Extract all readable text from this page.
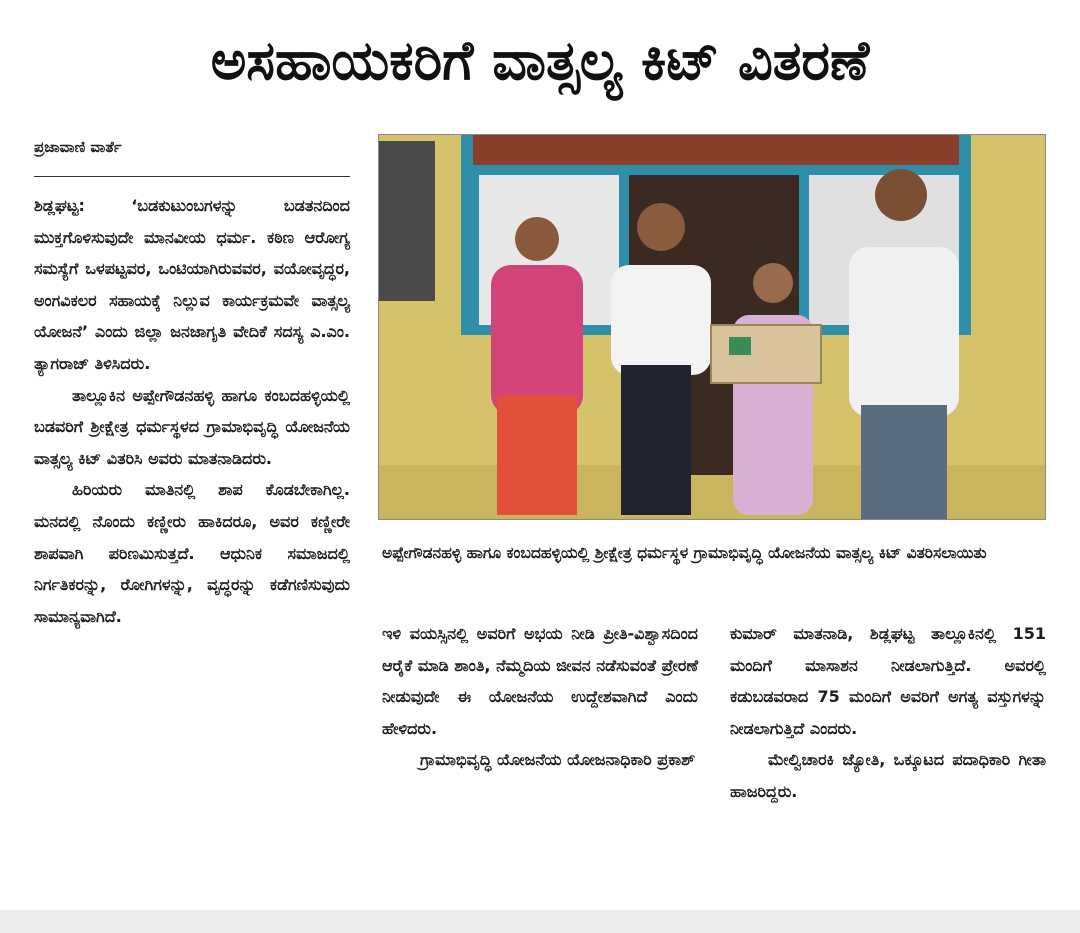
ಅಸಹಾಯಕರಿಗೆ ವಾತ್ಸಲ್ಯ ಕಿಟ್ ವಿತರಣೆ
ಪ್ರಜಾವಾಣಿ ವಾರ್ತೆ

ಶಿಡ್ಲಘಟ್ಟ:	‘ಬಡಕುಟುಂಬಗಳನ್ನು ಬಡತನದಿಂದ ಮುಕ್ತಗೊಳಿಸುವುದೇ ಮಾನವೀಯ ಧರ್ಮ. ಕಠಿಣ ಆರೋಗ್ಯ ಸಮಸ್ಯೆಗೆ ಒಳಪಟ್ಟವರ, ಒಂಟಿಯಾಗಿರುವವರ, ವಯೋವೃದ್ಧರ, ಅಂಗವಿಕಲರ ಸಹಾಯಕ್ಕೆ ನಿಲ್ಲುವ ಕಾರ್ಯಕ್ರಮವೇ ವಾತ್ಸಲ್ಯ ಯೋಜನೆ’ ಎಂದು ಜಿಲ್ಲಾ ಜನಜಾಗೃತಿ ವೇದಿಕೆ ಸದಸ್ಯ ಎ.ಎಂ. ತ್ಯಾಗರಾಜ್ ತಿಳಿಸಿದರು.

ತಾಲ್ಲೂಕಿನ ಅಪ್ಪೇಗೌಡನಹಳ್ಳಿ ಹಾಗೂ ಕಂಬದಹಳ್ಳಿಯಲ್ಲಿ ಬಡವರಿಗೆ ಶ್ರೀಕ್ಷೇತ್ರ ಧರ್ಮಸ್ಥಳದ ಗ್ರಾಮಾಭಿವೃದ್ಧಿ ಯೋಜನೆಯ ವಾತ್ಸಲ್ಯ ಕಿಟ್ ವಿತರಿಸಿ ಅವರು ಮಾತನಾಡಿದರು.

ಹಿರಿಯರು ಮಾತಿನಲ್ಲಿ ಶಾಪ ಕೊಡಬೇಕಾಗಿಲ್ಲ. ಮನದಲ್ಲಿ ನೊಂದು ಕಣ್ಣೀರು ಹಾಕಿದರೂ, ಅವರ ಕಣ್ಣೀರೇ ಶಾಪವಾಗಿ ಪರಿಣಮಿಸುತ್ತದೆ. ಆಧುನಿಕ ಸಮಾಜದಲ್ಲಿ ನಿರ್ಗತಿಕರನ್ನು, ರೋಗಿಗಳನ್ನು, ವೃದ್ಧರನ್ನು ಕಡೆಗಣಿಸುವುದು ಸಾಮಾನ್ಯವಾಗಿದೆ.

ಅಪ್ಪೇಗೌಡನಹಳ್ಳಿ ಹಾಗೂ ಕಂಬದಹಳ್ಳಿಯಲ್ಲಿ ಶ್ರೀಕ್ಷೇತ್ರ ಧರ್ಮಸ್ಥಳ ಗ್ರಾಮಾಭಿವೃದ್ಧಿ ಯೋಜನೆಯ ವಾತ್ಸಲ್ಯ ಕಿಟ್ ವಿತರಿಸಲಾಯಿತು

ಇಳಿ ವಯಸ್ಸಿನಲ್ಲಿ ಅವರಿಗೆ ಅಭಯ ನೀಡಿ ಪ್ರೀತಿ-ವಿಶ್ವಾಸದಿಂದ ಆರೈಕೆ ಮಾಡಿ ಶಾಂತಿ, ನೆಮ್ಮದಿಯ ಜೀವನ ನಡೆಸುವಂತೆ ಪ್ರೇರಣೆ ನೀಡುವುದೇ ಈ ಯೋಜನೆಯ ಉದ್ದೇಶವಾಗಿದೆ ಎಂದು ಹೇಳಿದರು.

ಗ್ರಾಮಾಭಿವೃದ್ಧಿ ಯೋಜನೆಯ ಯೋಜನಾಧಿಕಾರಿ ಪ್ರಕಾಶ್

ಕುಮಾರ್ ಮಾತನಾಡಿ, ಶಿಡ್ಲಘಟ್ಟ ತಾಲ್ಲೂಕಿನಲ್ಲಿ 151 ಮಂದಿಗೆ ಮಾಸಾಶನ ನೀಡಲಾಗುತ್ತಿದೆ. ಅವರಲ್ಲಿ ಕಡುಬಡವರಾದ 75 ಮಂದಿಗೆ ಅವರಿಗೆ ಅಗತ್ಯ ವಸ್ತುಗಳನ್ನು ನೀಡಲಾಗುತ್ತಿದೆ ಎಂದರು.

ಮೇಲ್ವಿಚಾರಕಿ ಜ್ಯೋತಿ, ಒಕ್ಕೂಟದ ಪದಾಧಿಕಾರಿ ಗೀತಾ ಹಾಜರಿದ್ದರು.
